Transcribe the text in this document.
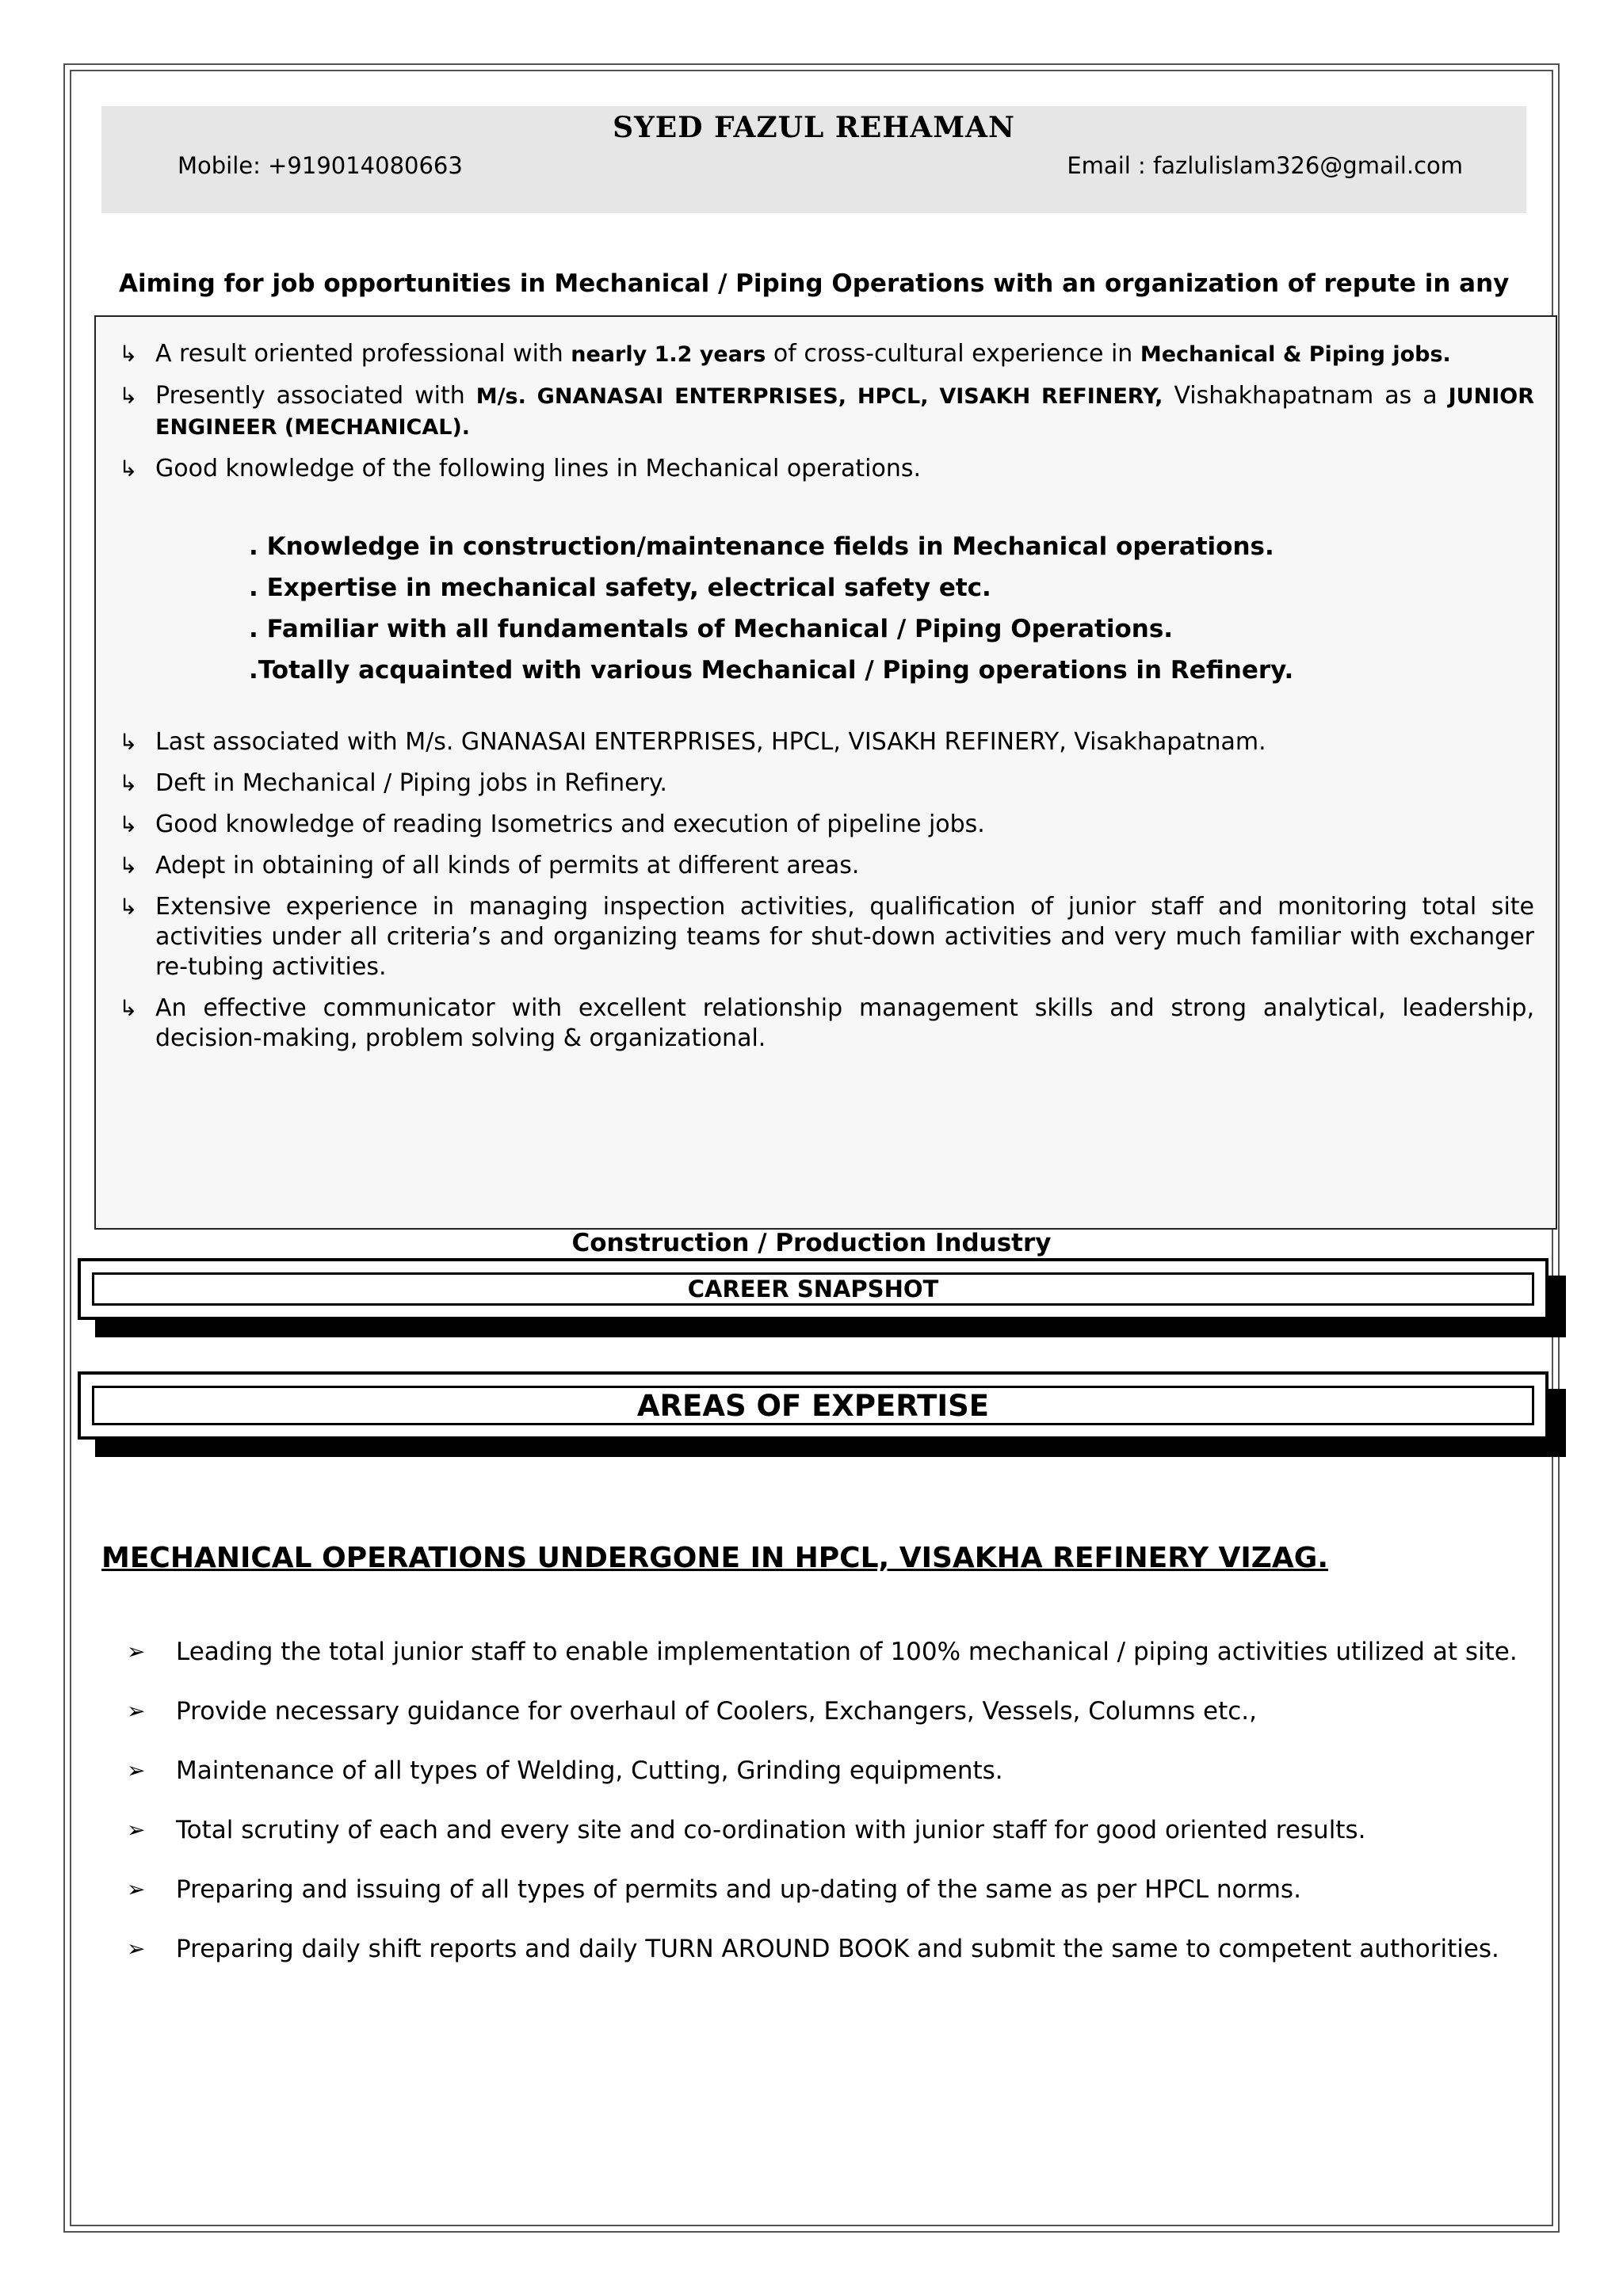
SYED FAZUL REHAMAN
Mobile: +919014080663	Email : fazlulislam326@gmail.com
Aiming for job opportunities in Mechanical / Piping Operations with an organization of repute in any
↳ A result oriented professional with nearly 1.2 years of cross-cultural experience in Mechanical & Piping jobs.
↳ Presently associated with M/s. GNANASAI ENTERPRISES, HPCL, VISAKH REFINERY, Vishakhapatnam as a JUNIOR ENGINEER (MECHANICAL).
↳ Good knowledge of the following lines in Mechanical operations.
. Knowledge in construction/maintenance fields in Mechanical operations.
. Expertise in mechanical safety, electrical safety etc.
. Familiar with all fundamentals of Mechanical / Piping Operations.
.Totally acquainted with various Mechanical / Piping operations in Refinery.
↳ Last associated with M/s. GNANASAI ENTERPRISES, HPCL, VISAKH REFINERY, Visakhapatnam.
↳ Deft in Mechanical / Piping jobs in Refinery.
↳ Good knowledge of reading Isometrics and execution of pipeline jobs.
↳ Adept in obtaining of all kinds of permits at different areas.
↳ Extensive experience in managing inspection activities, qualification of junior staff and monitoring total site activities under all criteria’s and organizing teams for shut-down activities and very much familiar with exchanger re-tubing activities.
↳ An effective communicator with excellent relationship management skills and strong analytical, leadership, decision-making, problem solving & organizational.
Construction / Production Industry
CAREER SNAPSHOT
AREAS OF EXPERTISE
MECHANICAL OPERATIONS UNDERGONE IN HPCL, VISAKHA REFINERY VIZAG.
➢ Leading the total junior staff to enable implementation of 100% mechanical / piping activities utilized at site.
➢ Provide necessary guidance for overhaul of Coolers, Exchangers, Vessels, Columns etc.,
➢ Maintenance of all types of Welding, Cutting, Grinding equipments.
➢ Total scrutiny of each and every site and co-ordination with junior staff for good oriented results.
➢ Preparing and issuing of all types of permits and up-dating of the same as per HPCL norms.
➢ Preparing daily shift reports and daily TURN AROUND BOOK and submit the same to competent authorities.
